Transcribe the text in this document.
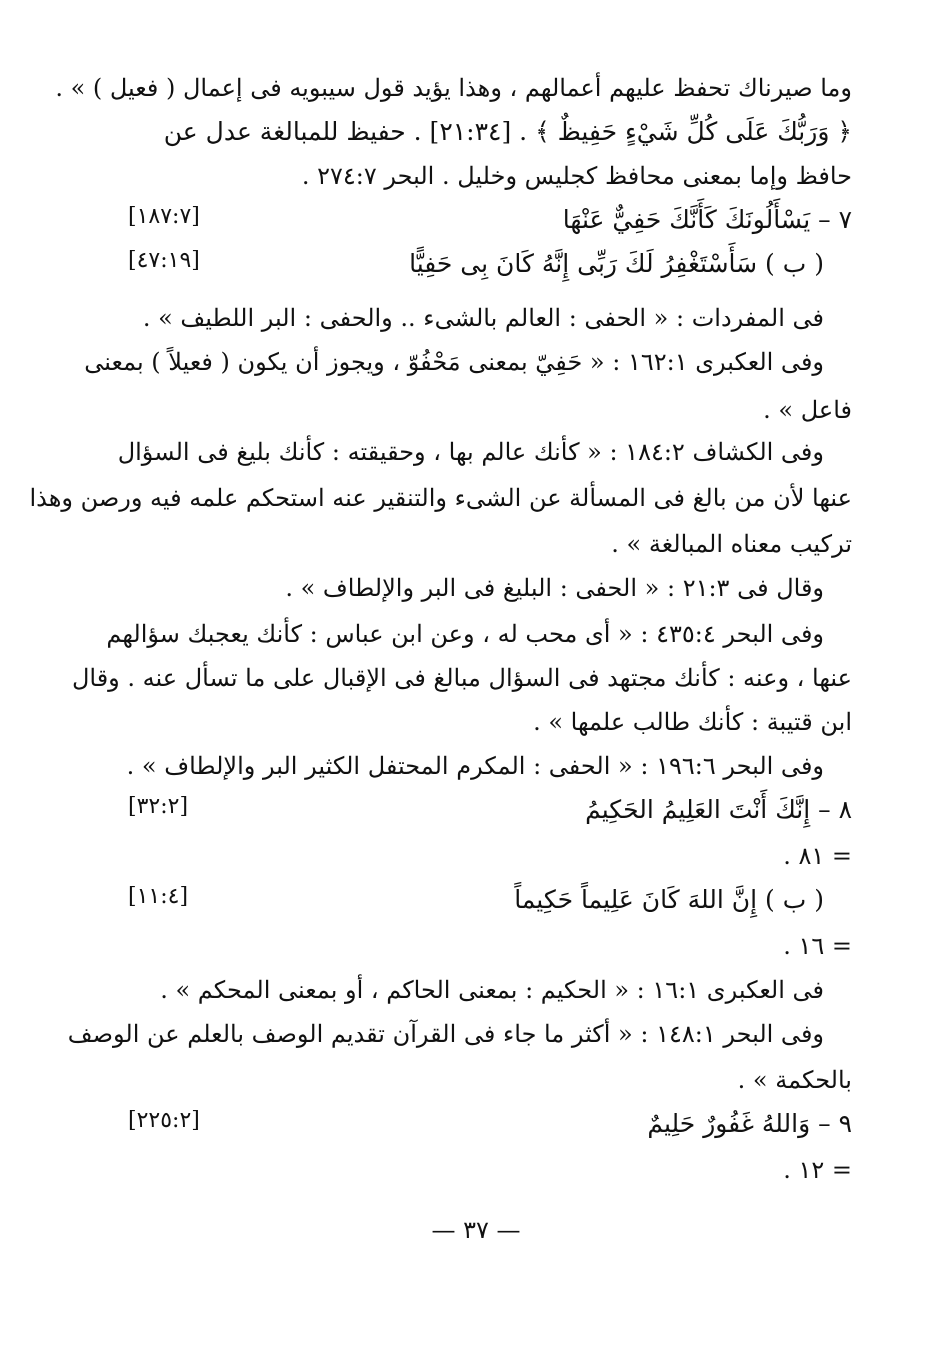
وما صيرناك تحفظ عليهم أعمالهم ، وهذا يؤيد قول سيبويه فى إعمال ( فعيل ) » .
﴿ وَرَبُّكَ عَلَى كُلِّ شَيْءٍ حَفِيظٌ ﴾ . [٢١:٣٤] . حفيظ للمبالغة عدل عن
حافظ وإما بمعنى محافظ كجليس وخليل . البحر ٢٧٤:٧ .
٧ – يَسْأَلُونَكَ كَأَنَّكَ حَفِيٌّ عَنْهَا
[١٨٧:٧]
( ب ) سَأَسْتَغْفِرُ لَكَ رَبِّى إِنَّهُ كَانَ بِى حَفِيًّا
[٤٧:١٩]
فى المفردات : « الحفى : العالم بالشىء .. والحفى : البر اللطيف » .
وفى العكبرى ١٦٢:١ : « حَفِيّ بمعنى مَحْفُوّ ، ويجوز أن يكون ( فعيلاً ) بمعنى
فاعل » .
وفى الكشاف ١٨٤:٢ : « كأنك عالم بها ، وحقيقته : كأنك بليغ فى السؤال
عنها لأن من بالغ فى المسألة عن الشىء والتنقير عنه استحكم علمه فيه ورصن وهذا
تركيب معناه المبالغة » .
وقال فى ٢١:٣ : « الحفى : البليغ فى البر والإلطاف » .
وفى البحر ٤٣٥:٤ : « أى محب له ، وعن ابن عباس : كأنك يعجبك سؤالهم
عنها ، وعنه : كأنك مجتهد فى السؤال مبالغ فى الإقبال على ما تسأل عنه . وقال
ابن قتيبة : كأنك طالب علمها » .
وفى البحر ١٩٦:٦ : « الحفى : المكرم المحتفل الكثير البر والإلطاف » .
٨ – إِنَّكَ أَنْتَ العَلِيمُ الحَكِيمُ
[٣٢:٢]
= ٨١ .
( ب ) إِنَّ اللهَ كَانَ عَلِيماً حَكِيماً
[١١:٤]
= ١٦ .
فى العكبرى ١٦:١ : « الحكيم : بمعنى الحاكم ، أو بمعنى المحكم » .
وفى البحر ١٤٨:١ : « أكثر ما جاء فى القرآن تقديم الوصف بالعلم عن الوصف
بالحكمة » .
٩ – وَاللهُ غَفُورٌ حَلِيمٌ
[٢٢٥:٢]
= ١٢ .
— ٣٧ —
